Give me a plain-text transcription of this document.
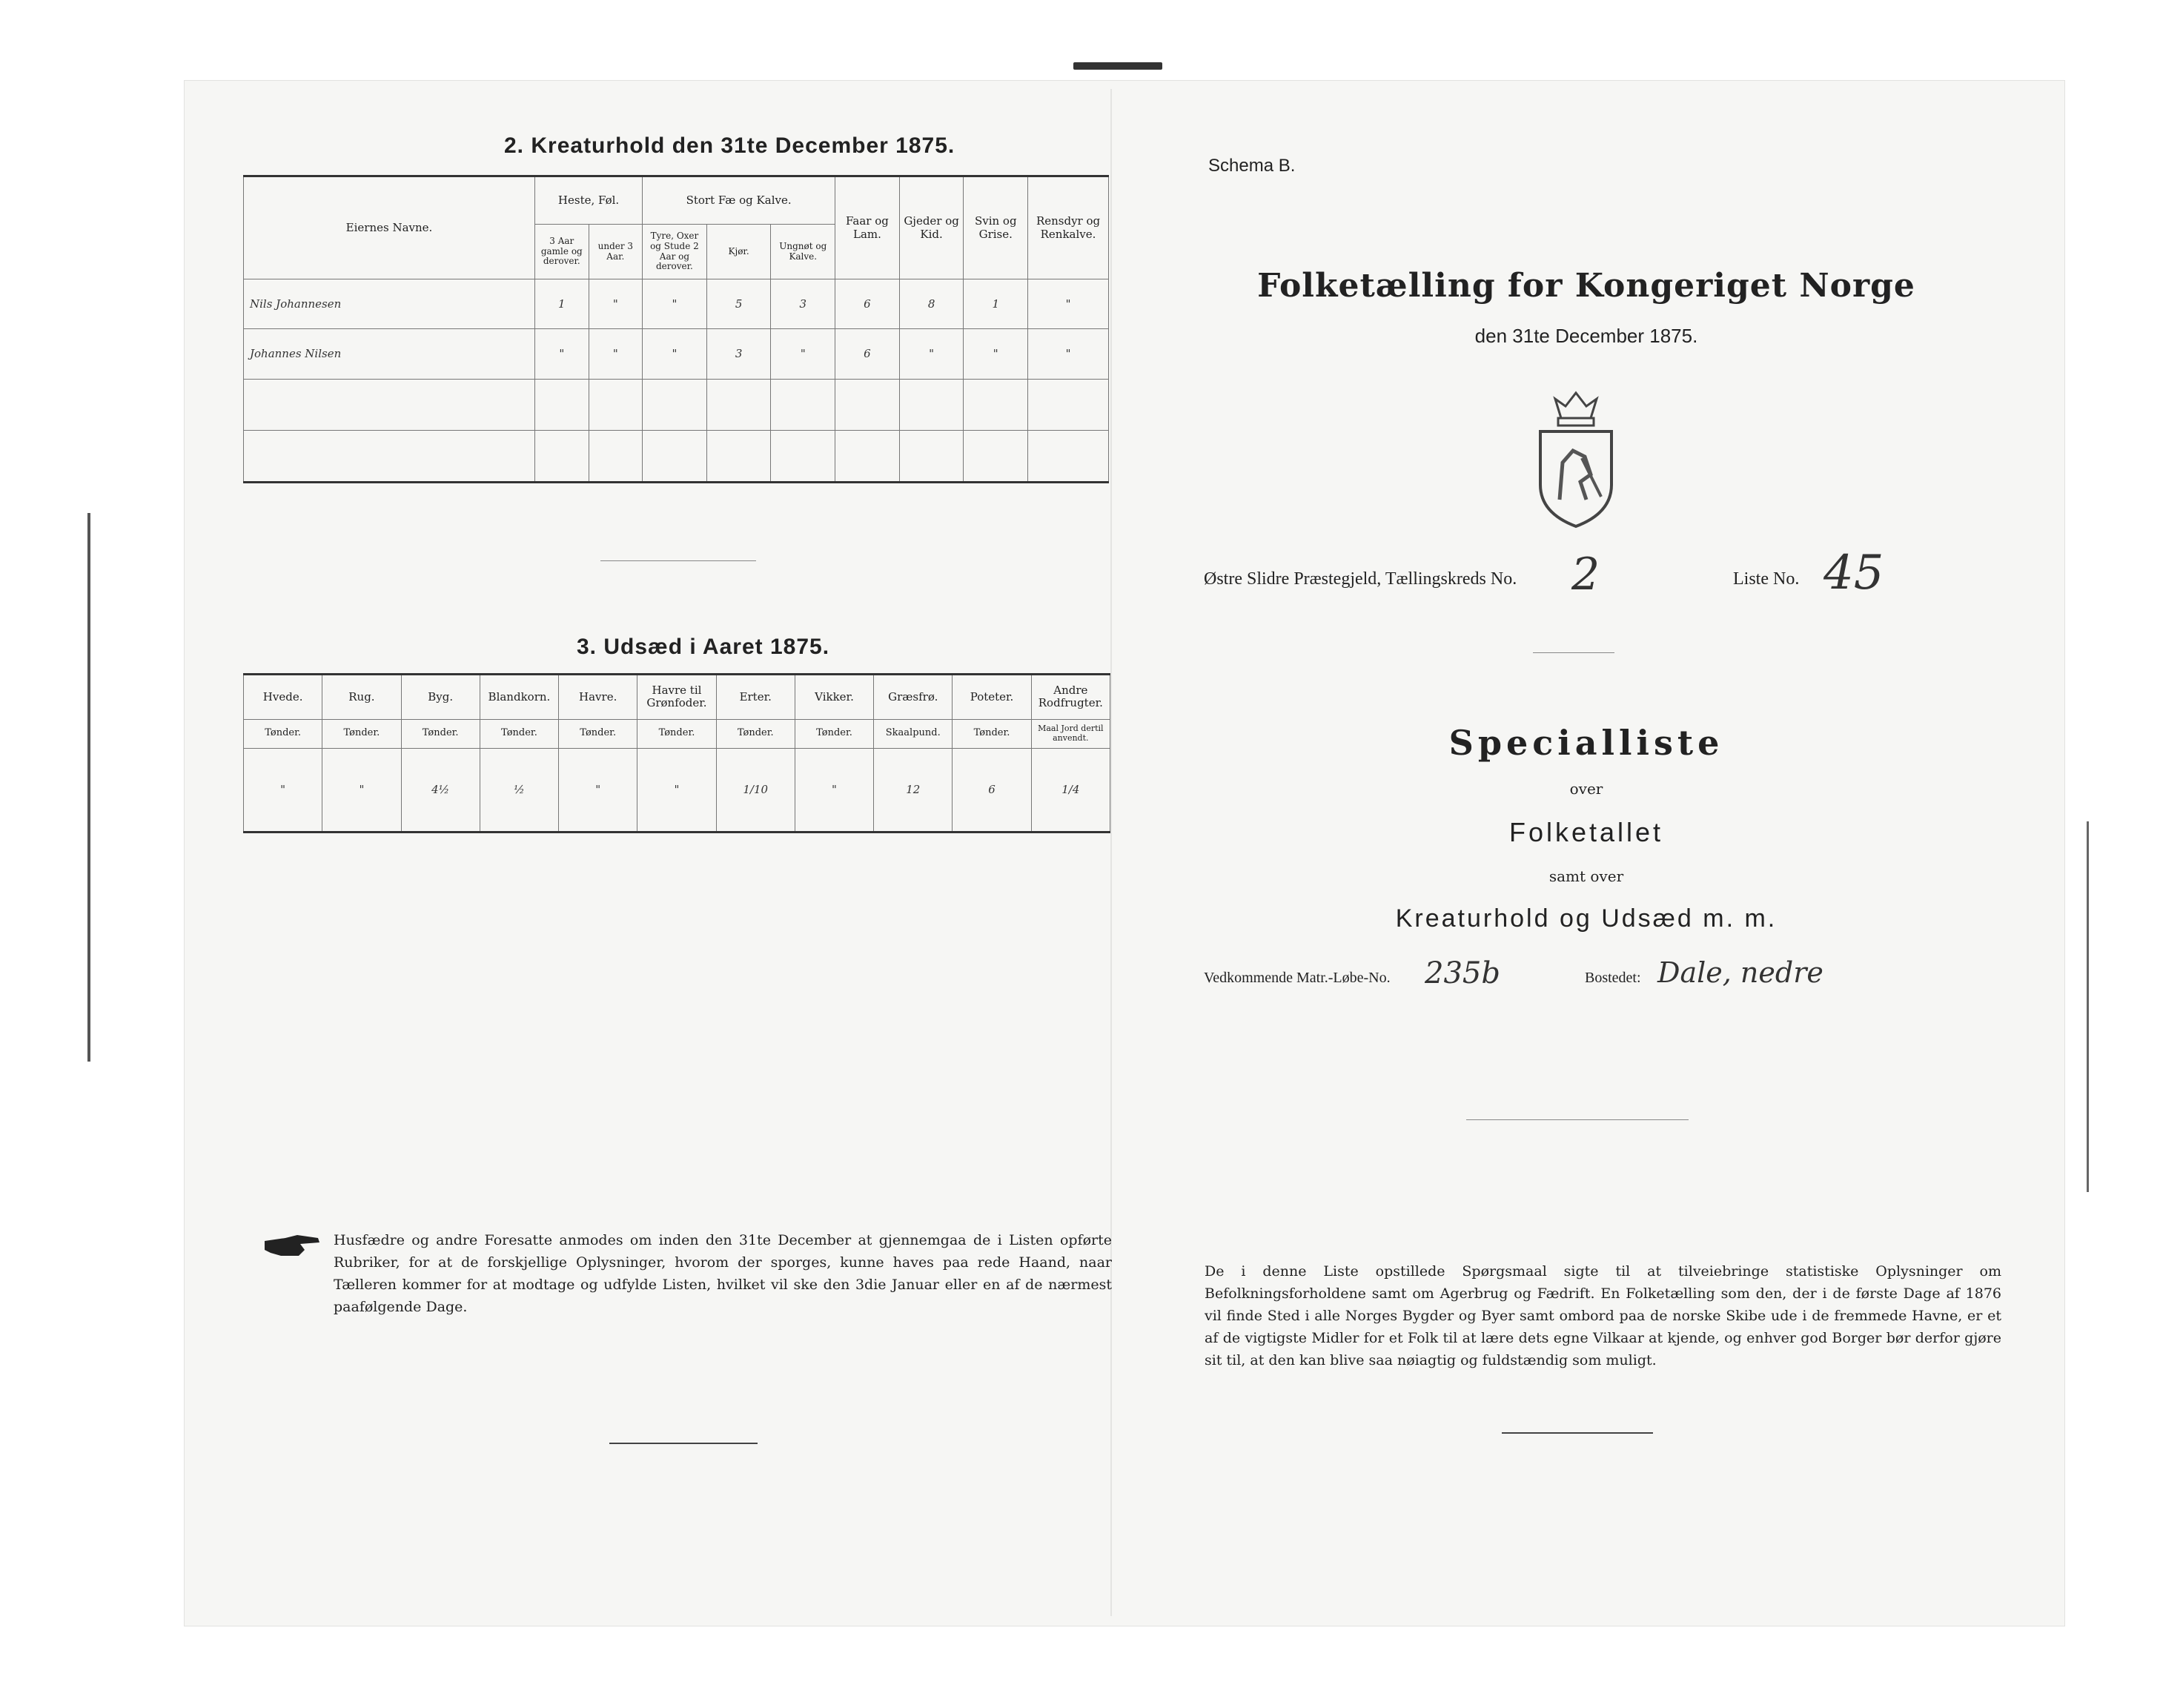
2. Kreaturhold den 31te December 1875.
Eiernes Navne.	Heste, Føl.		Stort Fæ og Kalve.			Faar og Lam.	Gjeder og Kid.	Svin og Grise.	Rensdyr og Renkalve.
	3 Aar gamle og derover.	under 3 Aar.	Tyre, Oxer og Stude 2 Aar og derover.	Kjør.	Ungnøt og Kalve.				
Nils Johannesen	1	"	"	5	3	6	8	1	"
Johannes Nilsen	"	"	"	3	"	6	"	"	"

3. Udsæd i Aaret 1875.
Hvede.	Rug.	Byg.	Blandkorn.	Havre.	Havre til Grønfoder.	Erter.	Vikker.	Græsfrø.	Poteter.	Andre Rodfrugter.
Tønder.	Tønder.	Tønder.	Tønder.	Tønder.	Tønder.	Tønder.	Tønder.	Skaalpund.	Tønder.	Maal Jord dertil anvendt.
"	"	4½	½	"	"	1/10	"	12	6	1/4
Husfædre og andre Foresatte anmodes om inden den 31te December at gjennemgaa de i Listen opførte Rubriker, for at de forskjellige Oplysninger, hvorom der sporges, kunne haves paa rede Haand, naar Tælleren kommer for at modtage og udfylde Listen, hvilket vil ske den 3die Januar eller en af de nærmest paafølgende Dage.
Schema B.
Folketælling for Kongeriget Norge
den 31te December 1875.
Østre Slidre Præstegjeld, Tællingskreds No. 2	Liste No. 45
Specialliste
over
Folketallet
samt over
Kreaturhold og Udsæd m. m.
Vedkommende Matr.-Løbe-No. 235b	Bostedet: Dale, nedre
De i denne Liste opstillede Spørgsmaal sigte til at tilveiebringe statistiske Oplysninger om Befolkningsforholdene samt om Agerbrug og Fædrift. En Folketælling som den, der i de første Dage af 1876 vil finde Sted i alle Norges Bygder og Byer samt ombord paa de norske Skibe ude i de fremmede Havne, er et af de vigtigste Midler for et Folk til at lære dets egne Vilkaar at kjende, og enhver god Borger bør derfor gjøre sit til, at den kan blive saa nøiagtig og fuldstændig som muligt.
